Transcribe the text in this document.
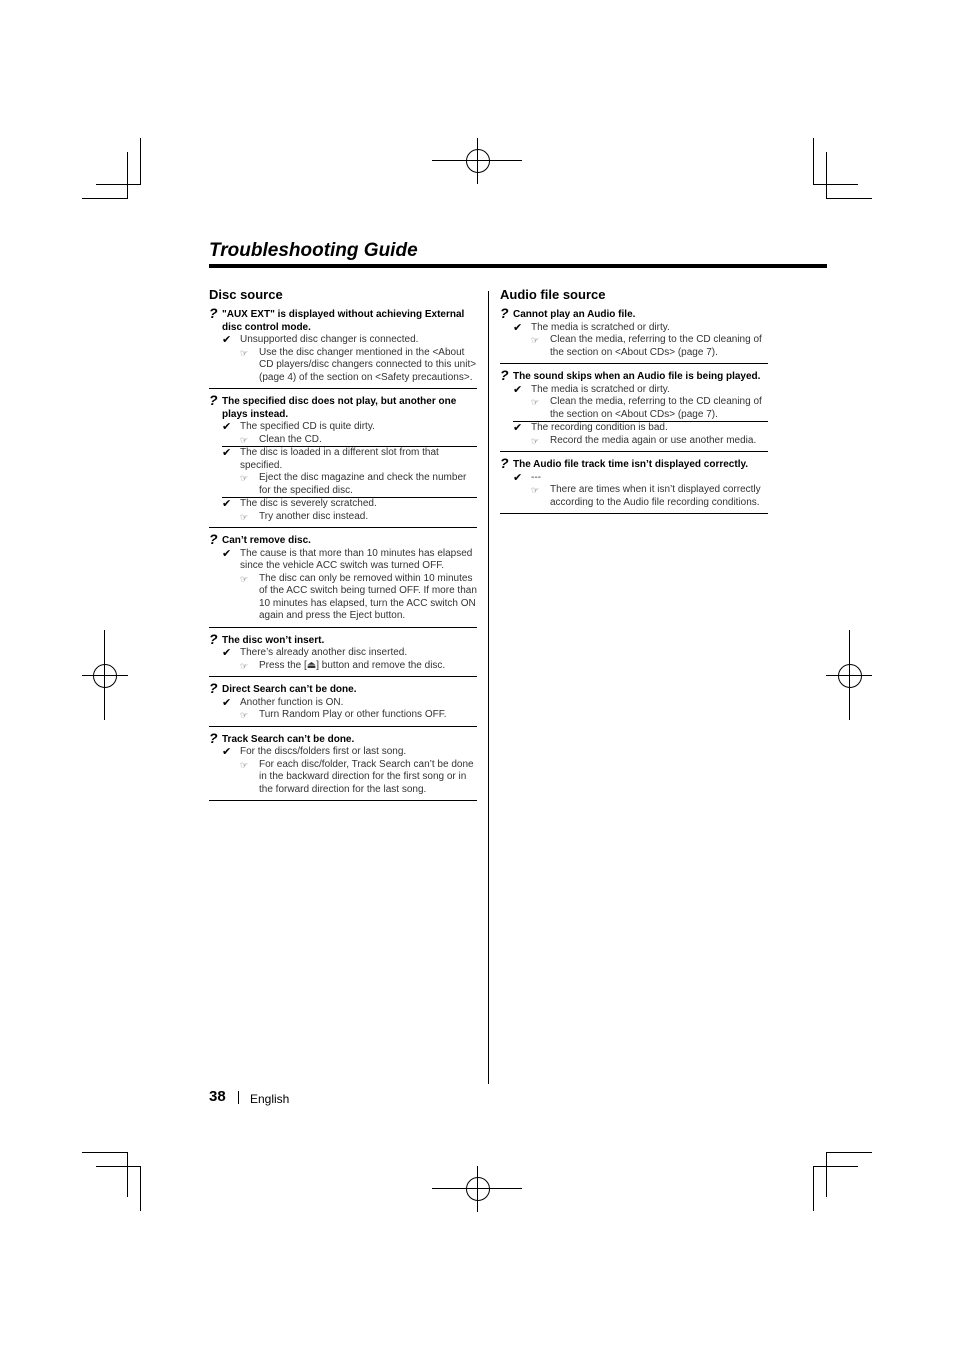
Troubleshooting Guide
Disc source
? "AUX EXT" is displayed without achieving External disc control mode.
✔ Unsupported disc changer is connected.
☞ Use the disc changer mentioned in the <About CD players/disc changers connected to this unit> (page 4) of the section on <Safety precautions>.
? The specified disc does not play, but another one plays instead.
✔ The specified CD is quite dirty.
☞ Clean the CD.
✔ The disc is loaded in a different slot from that specified.
☞ Eject the disc magazine and check the number for the specified disc.
✔ The disc is severely scratched.
☞ Try another disc instead.
? Can’t remove disc.
✔ The cause is that more than 10 minutes has elapsed since the vehicle ACC switch was turned OFF.
☞ The disc can only be removed within 10 minutes of the ACC switch being turned OFF. If more than 10 minutes has elapsed, turn the ACC switch ON again and press the Eject button.
? The disc won’t insert.
✔ There’s already another disc inserted.
☞ Press the [⏏] button and remove the disc.
? Direct Search can’t be done.
✔ Another function is ON.
☞ Turn Random Play or other functions OFF.
? Track Search can’t be done.
✔ For the discs/folders first or last song.
☞ For each disc/folder, Track Search can’t be done in the backward direction for the first song or in the forward direction for the last song.
Audio file source
? Cannot play an Audio file.
✔ The media is scratched or dirty.
☞ Clean the media, referring to the CD cleaning of the section on <About CDs> (page 7).
? The sound skips when an Audio file is being played.
✔ The media is scratched or dirty.
☞ Clean the media, referring to the CD cleaning of the section on <About CDs> (page 7).
✔ The recording condition is bad.
☞ Record the media again or use another media.
? The Audio file track time isn’t displayed correctly.
✔ ---
☞ There are times when it isn’t displayed correctly according to the Audio file recording conditions.
38 English
